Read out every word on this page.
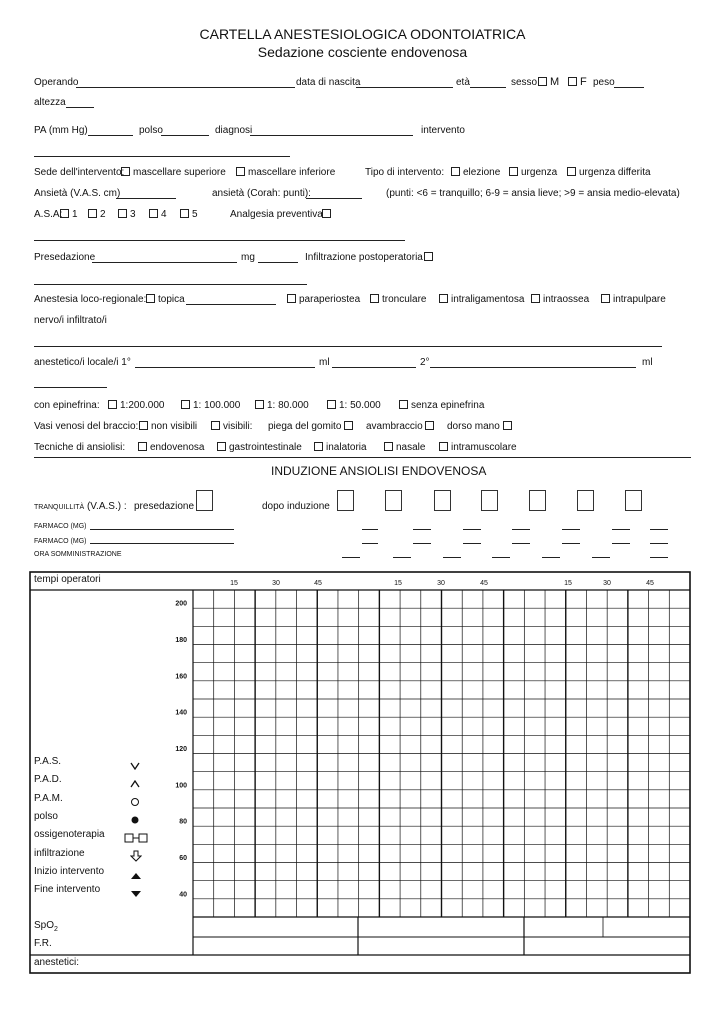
CARTELLA ANESTESIOLOGICA ODONTOIATRICA
Sedazione cosciente endovenosa
Operando	data di nascita	età	sesso	M	F peso
altezza
PA (mm Hg)	polso	diagnosi	intervento
Sede dell'intervento: mascellare superiore	mascellare inferiore	Tipo di intervento:	elezione	urgenza	urgenza differita
Ansietà (V.A.S. cm)	ansietà (Corah: punti):	(punti: <6 = tranquillo; 6-9 = ansia lieve; >9 = ansia medio-elevata)
A.S.A: 1	2	3	4	5	Analgesia preventiva
Presedazione	mg	Infiltrazione postoperatoria
Anestesia loco-regionale:	topica	paraperiostea	tronculare	intraligamentosa	intraossea	intrapulpare
nervo/i infiltrato/i
anestetico/i locale/i 1°	ml	2°	ml
con epinefrina:	1:200.000	1: 100.000	1: 80.000	1: 50.000	senza epinefrina
Vasi venosi del braccio:	non visibili	visibili: piega del gomito	avambraccio	dorso mano
Tecniche di ansiolisi:	endovenosa	gastrointestinale	inalatoria	nasale	intramuscolare
INDUZIONE ANSIOLISI ENDOVENOSA
TRANQUILLITÀ (V.A.S.) : presedazione	dopo induzione
FARMACO (MG)
FARMACO (MG)
ORA SOMMINISTRAZIONE
15	30	45	15	30	45	15	30	45
200
180
160
140
120
100
80
60
40
tempi operatori
SpO$_2$
F.R.
anestetici:
P.A.S.
P.A.D.
P.A.M.
polso
ossigenoterapia
infiltrazione
Inizio intervento
Fine intervento
